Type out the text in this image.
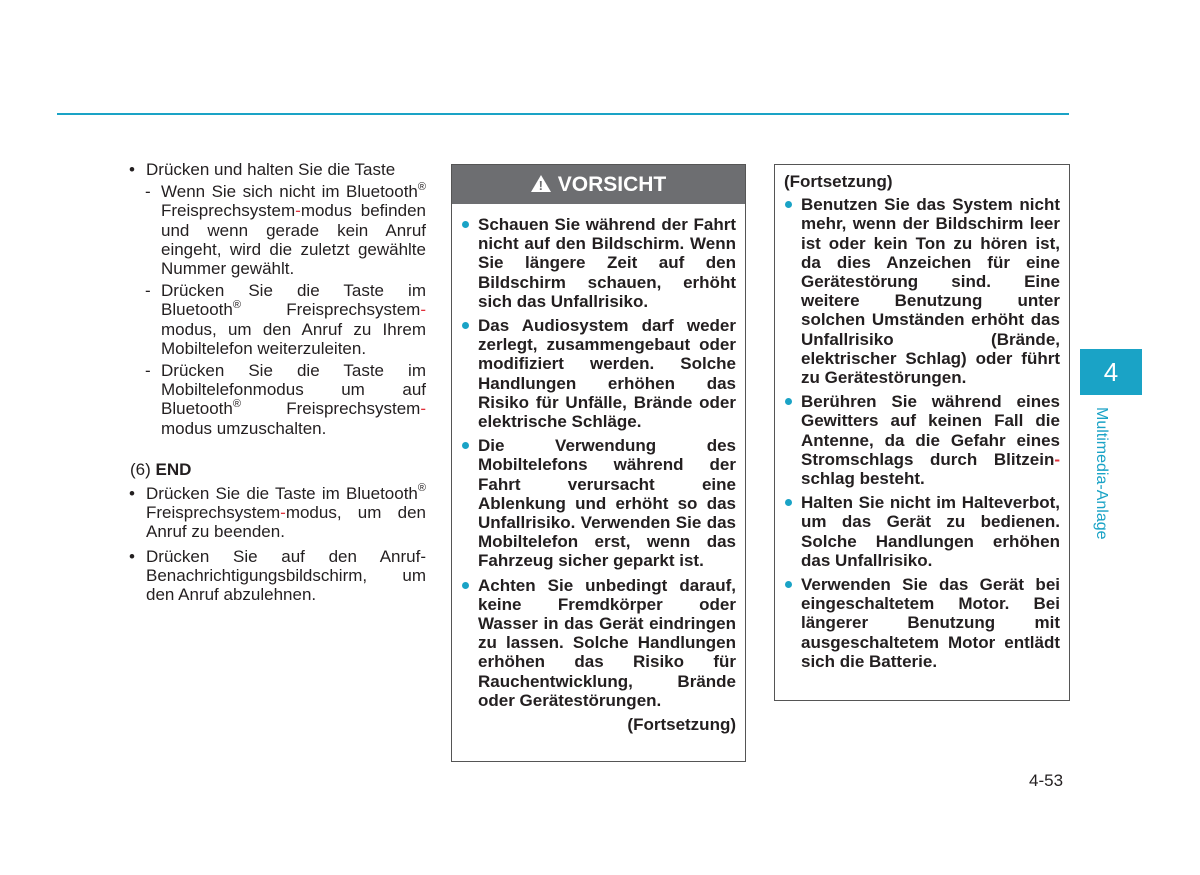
• Drücken und halten Sie die Taste
- Wenn Sie sich nicht im Bluetooth® Freisprechsystem-modus befinden und wenn gerade kein Anruf eingeht, wird die zuletzt gewählte Nummer gewählt.
- Drücken Sie die Taste im Bluetooth® Freisprechsystem-modus, um den Anruf zu Ihrem Mobiltelefon weiterzuleiten.
- Drücken Sie die Taste im Mobiltelefonmodus um auf Bluetooth® Freisprechsystem-modus umzuschalten.
(6) END
• Drücken Sie die Taste im Bluetooth® Freisprechsystem-modus, um den Anruf zu beenden.
• Drücken Sie auf den Anruf-Benachrichtigungsbildschirm, um den Anruf abzulehnen.
! VORSICHT
Schauen Sie während der Fahrt nicht auf den Bildschirm. Wenn Sie längere Zeit auf den Bildschirm schauen, erhöht sich das Unfallrisiko.
Das Audiosystem darf weder zerlegt, zusammengebaut oder modifiziert werden. Solche Handlungen erhöhen das Risiko für Unfälle, Brände oder elektrische Schläge.
Die Verwendung des Mobiltelefons während der Fahrt verursacht eine Ablenkung und erhöht so das Unfallrisiko. Verwenden Sie das Mobiltelefon erst, wenn das Fahrzeug sicher geparkt ist.
Achten Sie unbedingt darauf, keine Fremdkörper oder Wasser in das Gerät eindringen zu lassen. Solche Handlungen erhöhen das Risiko für Rauchentwicklung, Brände oder Gerätestörungen.
(Fortsetzung)
(Fortsetzung)
Benutzen Sie das System nicht mehr, wenn der Bildschirm leer ist oder kein Ton zu hören ist, da dies Anzeichen für eine Gerätestörung sind. Eine weitere Benutzung unter solchen Umständen erhöht das Unfallrisiko (Brände, elektrischer Schlag) oder führt zu Gerätestörungen.
Berühren Sie während eines Gewitters auf keinen Fall die Antenne, da die Gefahr eines Stromschlags durch Blitzein-schlag besteht.
Halten Sie nicht im Halteverbot, um das Gerät zu bedienen. Solche Handlungen erhöhen das Unfallrisiko.
Verwenden Sie das Gerät bei eingeschaltetem Motor. Bei längerer Benutzung mit ausgeschaltetem Motor entlädt sich die Batterie.
4
Multimedia-Anlage
4-53
